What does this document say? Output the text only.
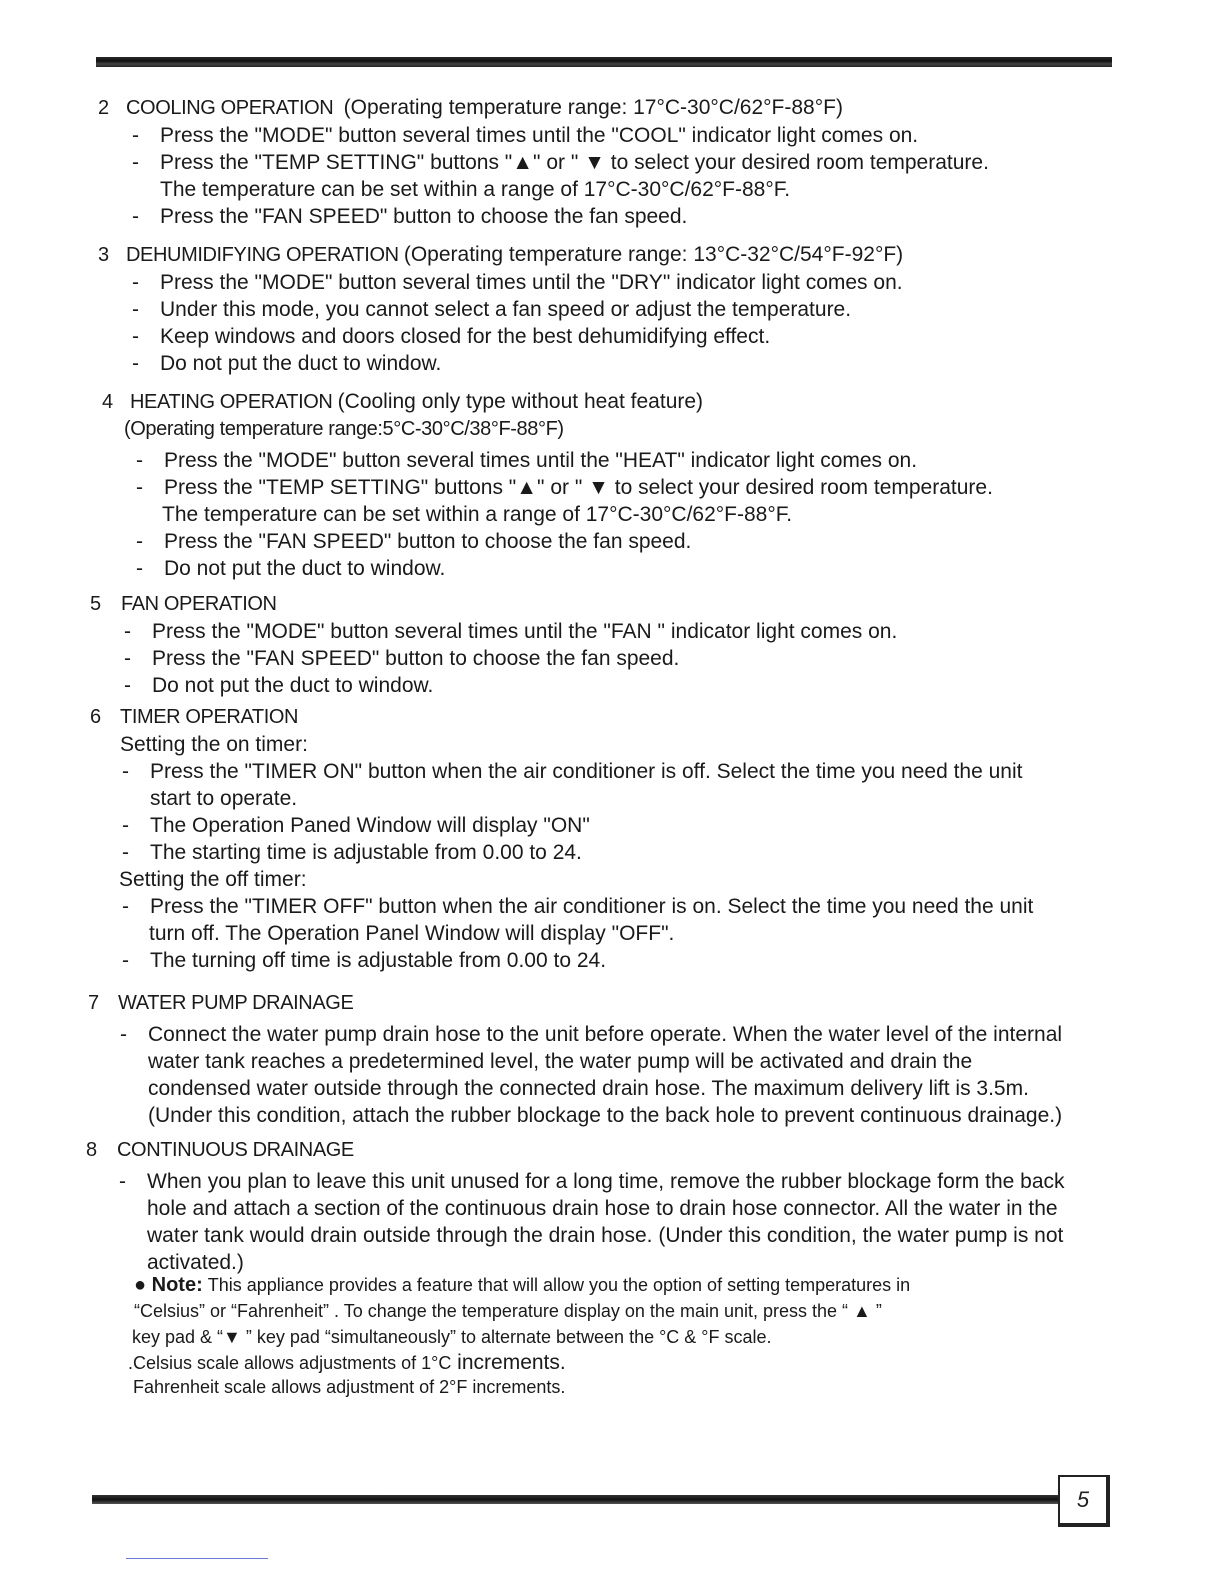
2 COOLING OPERATION (Operating temperature range: 17°C-30°C/62°F-88°F)
- Press the "MODE" button several times until the "COOL" indicator light comes on.
- Press the "TEMP SETTING" buttons "▲" or " ▼ to select your desired room temperature.
The temperature can be set within a range of 17°C-30°C/62°F-88°F.
- Press the "FAN SPEED" button to choose the fan speed.
3 DEHUMIDIFYING OPERATION (Operating temperature range: 13°C-32°C/54°F-92°F)
- Press the "MODE" button several times until the "DRY" indicator light comes on.
- Under this mode, you cannot select a fan speed or adjust the temperature.
- Keep windows and doors closed for the best dehumidifying effect.
- Do not put the duct to window.
4 HEATING OPERATION (Cooling only type without heat feature)
(Operating temperature range:5°C-30°C/38°F-88°F)
- Press the "MODE" button several times until the "HEAT" indicator light comes on.
- Press the "TEMP SETTING" buttons "▲" or " ▼ to select your desired room temperature.
The temperature can be set within a range of 17°C-30°C/62°F-88°F.
- Press the "FAN SPEED" button to choose the fan speed.
- Do not put the duct to window.
5 FAN OPERATION
- Press the "MODE" button several times until the "FAN " indicator light comes on.
- Press the "FAN SPEED" button to choose the fan speed.
- Do not put the duct to window.
6 TIMER OPERATION
Setting the on timer:
- Press the "TIMER ON" button when the air conditioner is off. Select the time you need the unit
start to operate.
- The Operation Paned Window will display "ON"
- The starting time is adjustable from 0.00 to 24.
Setting the off timer:
- Press the "TIMER OFF" button when the air conditioner is on. Select the time you need the unit
turn off. The Operation Panel Window will display "OFF".
- The turning off time is adjustable from 0.00 to 24.
7 WATER PUMP DRAINAGE
- Connect the water pump drain hose to the unit before operate. When the water level of the internal
water tank reaches a predetermined level, the water pump will be activated and drain the
condensed water outside through the connected drain hose. The maximum delivery lift is 3.5m.
(Under this condition, attach the rubber blockage to the back hole to prevent continuous drainage.)
8 CONTINUOUS DRAINAGE
- When you plan to leave this unit unused for a long time, remove the rubber blockage form the back
hole and attach a section of the continuous drain hose to drain hose connector. All the water in the
water tank would drain outside through the drain hose. (Under this condition, the water pump is not
activated.)
● Note: This appliance provides a feature that will allow you the option of setting temperatures in
“Celsius” or “Fahrenheit” . To change the temperature display on the main unit, press the “ ▲ ”
key pad & “▼ ” key pad “simultaneously” to alternate between the °C & °F scale.
.Celsius scale allows adjustments of 1°C increments.
Fahrenheit scale allows adjustment of 2°F increments.
5
